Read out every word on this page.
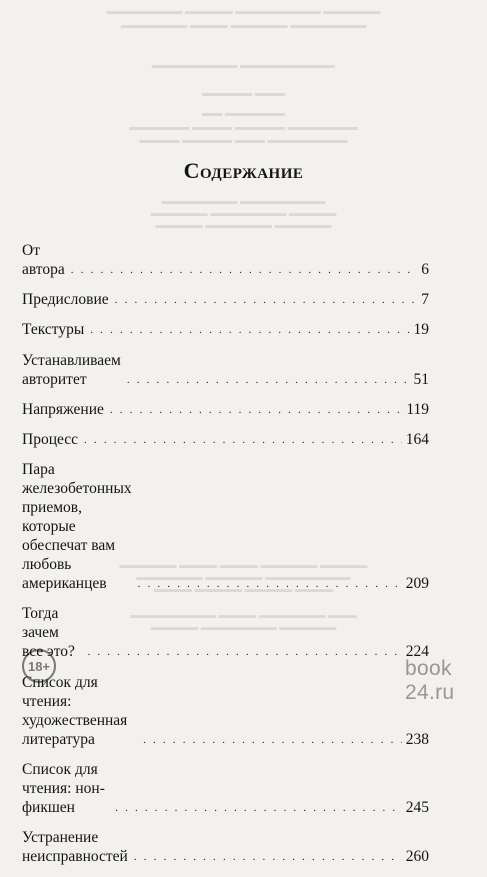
▬▬▬▬▬▬▬▬ ▬▬▬▬▬ ▬▬▬▬▬▬▬▬▬ ▬▬▬▬▬▬
▬▬▬▬▬▬▬ ▬▬▬▬ ▬▬▬▬▬▬ ▬▬▬▬▬▬▬▬
▬▬▬▬▬▬▬▬▬ ▬▬▬▬▬▬▬▬▬▬
▬▬▬▬▬ ▬▬▬
▬▬ ▬▬▬▬▬▬
▬▬▬▬▬▬ ▬▬▬▬ ▬▬▬▬▬ ▬▬▬▬▬▬▬
▬▬▬▬ ▬▬▬▬▬ ▬▬▬ ▬▬▬▬▬▬▬▬
▬▬▬▬▬▬▬▬ ▬▬▬▬▬▬▬▬▬
▬▬▬▬▬▬ ▬▬▬▬▬▬▬▬ ▬▬▬▬▬
▬▬▬▬▬ ▬▬▬▬▬▬▬ ▬▬▬▬▬▬
▬▬▬▬▬▬ ▬▬▬▬ ▬▬▬▬ ▬▬▬▬▬▬ ▬▬▬▬▬
▬▬▬▬▬▬▬ ▬▬▬▬▬▬ ▬▬▬▬▬▬▬▬▬
▬▬▬▬ ▬▬▬▬▬ ▬▬▬▬▬ ▬▬▬▬
▬▬▬▬▬▬▬▬▬ ▬▬▬▬ ▬▬▬▬▬▬▬ ▬▬▬
▬▬▬▬▬ ▬▬▬▬▬▬▬▬ ▬▬▬▬▬▬
Содержание
От автора . . .	6
Предисловие . . .	7
Текстуры . . .	19
Устанавливаем авторитет . . .	51
Напряжение . . .	119
Процесс . . .	164
Пара железобетонных приемов, которые
обеспечат вам любовь американцев . . .	209
Тогда зачем все это? . . .	224
Список для чтения: художественная литература . . .	238
Список для чтения: нон-фикшен . . .	245
Устранение неисправностей . . .	260
18+	book 24.ru
